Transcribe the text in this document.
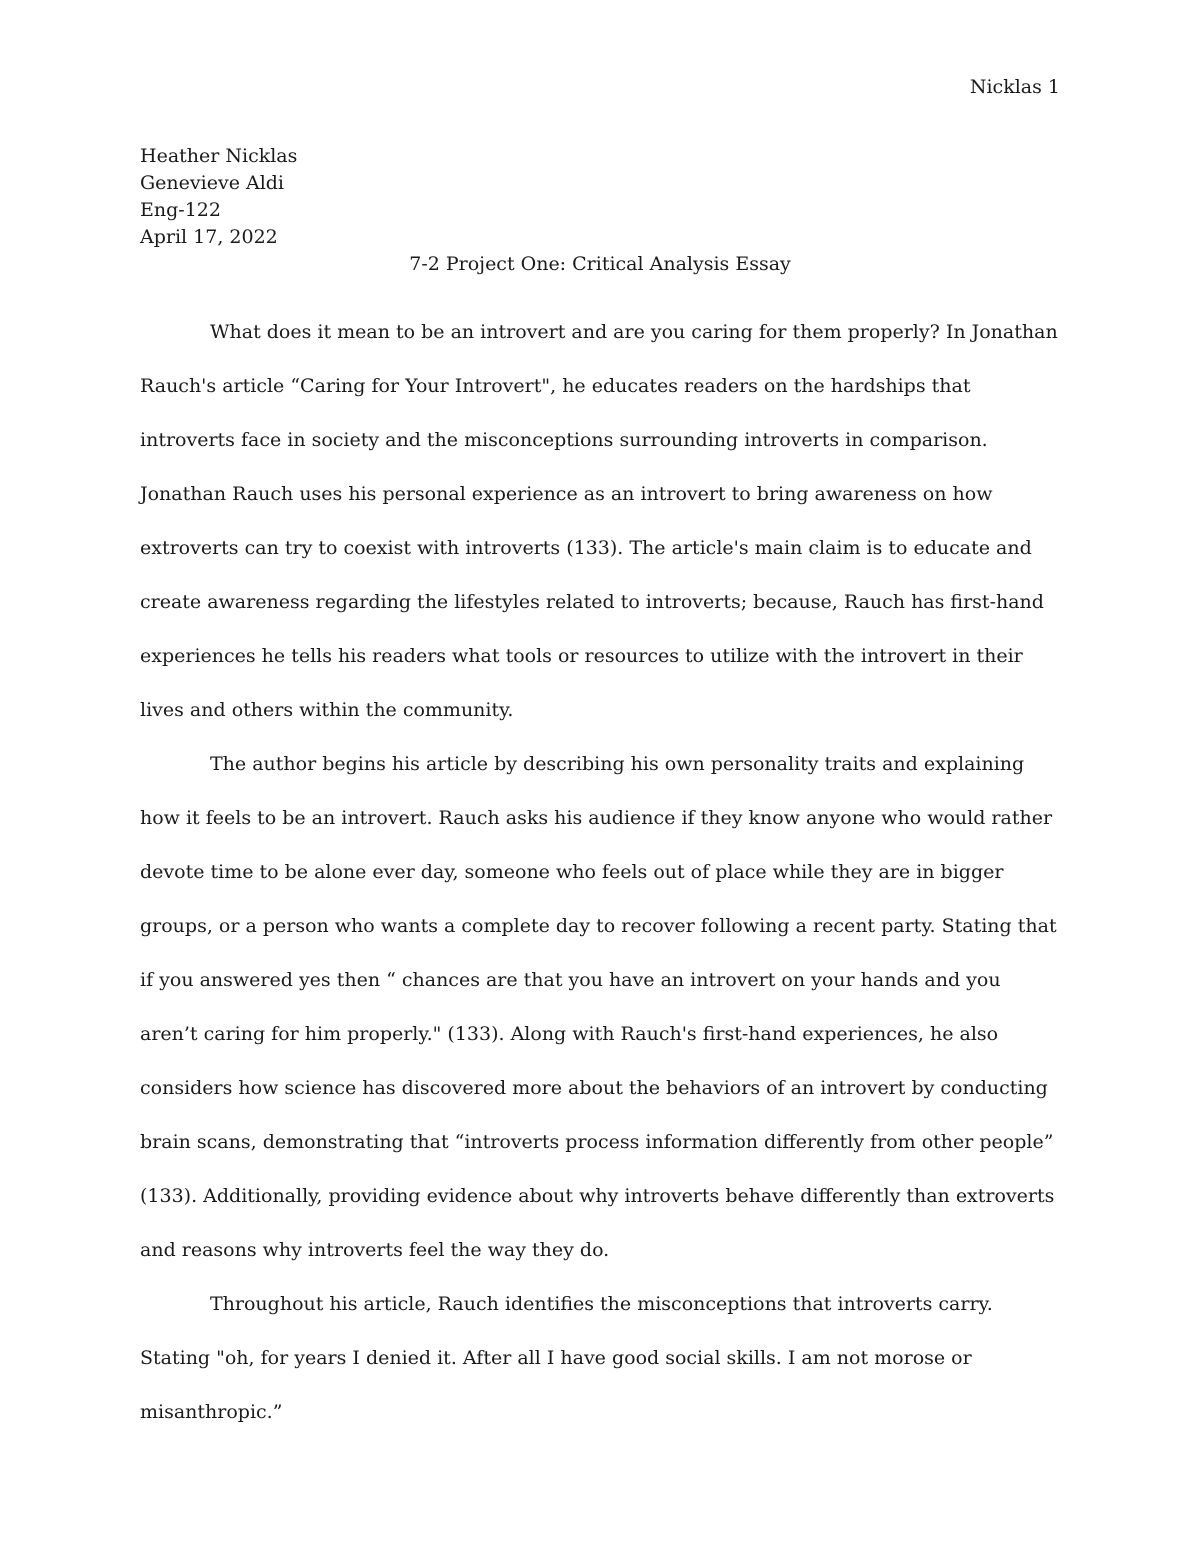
Nicklas 1
Heather Nicklas
Genevieve Aldi
Eng-122
April 17, 2022
7-2 Project One: Critical Analysis Essay

What does it mean to be an introvert and are you caring for them properly? In Jonathan Rauch's article “Caring for Your Introvert", he educates readers on the hardships that introverts face in society and the misconceptions surrounding introverts in comparison. Jonathan Rauch uses his personal experience as an introvert to bring awareness on how extroverts can try to coexist with introverts (133). The article's main claim is to educate and create awareness regarding the lifestyles related to introverts; because, Rauch has first-hand experiences he tells his readers what tools or resources to utilize with the introvert in their lives and others within the community.

The author begins his article by describing his own personality traits and explaining how it feels to be an introvert. Rauch asks his audience if they know anyone who would rather devote time to be alone ever day, someone who feels out of place while they are in bigger groups, or a person who wants a complete day to recover following a recent party. Stating that if you answered yes then “ chances are that you have an introvert on your hands and you aren’t caring for him properly." (133). Along with Rauch's first-hand experiences, he also considers how science has discovered more about the behaviors of an introvert by conducting brain scans, demonstrating that “introverts process information differently from other people” (133). Additionally, providing evidence about why introverts behave differently than extroverts and reasons why introverts feel the way they do.

Throughout his article, Rauch identifies the misconceptions that introverts carry. Stating "oh, for years I denied it. After all I have good social skills. I am not morose or misanthropic.”
